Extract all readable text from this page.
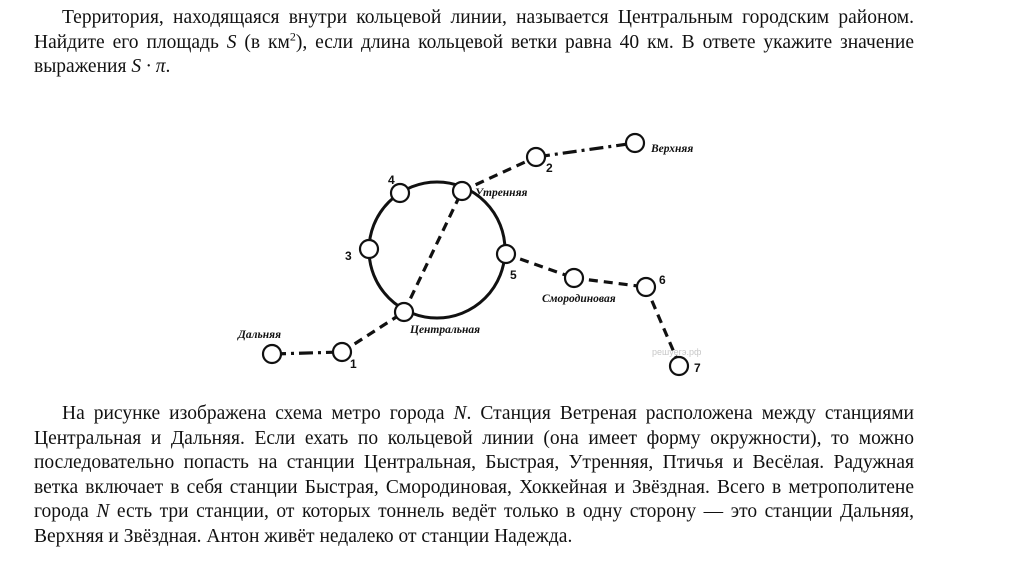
Территория, находящаяся внутри кольцевой линии, называется Центральным городским районом. Найдите его площадь S (в $км^2$), если длина кольцевой ветки равна 40 км. В ответе укажите значение выражения S · π.

Верхняя
Утренняя
Смородиновая
Центральная
Дальняя
1
2
3
4
5	6
7
решуегэ.рф

На рисунке изображена схема метро города N. Станция Ветреная расположена между станциями Центральная и Дальняя. Если ехать по кольцевой линии (она имеет форму окружности), то можно последовательно попасть на станции Центральная, Быстрая, Утренняя, Птичья и Весёлая. Радужная ветка включает в себя станции Быстрая, Смородиновая, Хоккейная и Звёздная. Всего в метрополитене города N есть три станции, от которых тоннель ведёт только в одну сторону — это станции Дальняя, Верхняя и Звёздная. Антон живёт недалеко от станции Надежда.
